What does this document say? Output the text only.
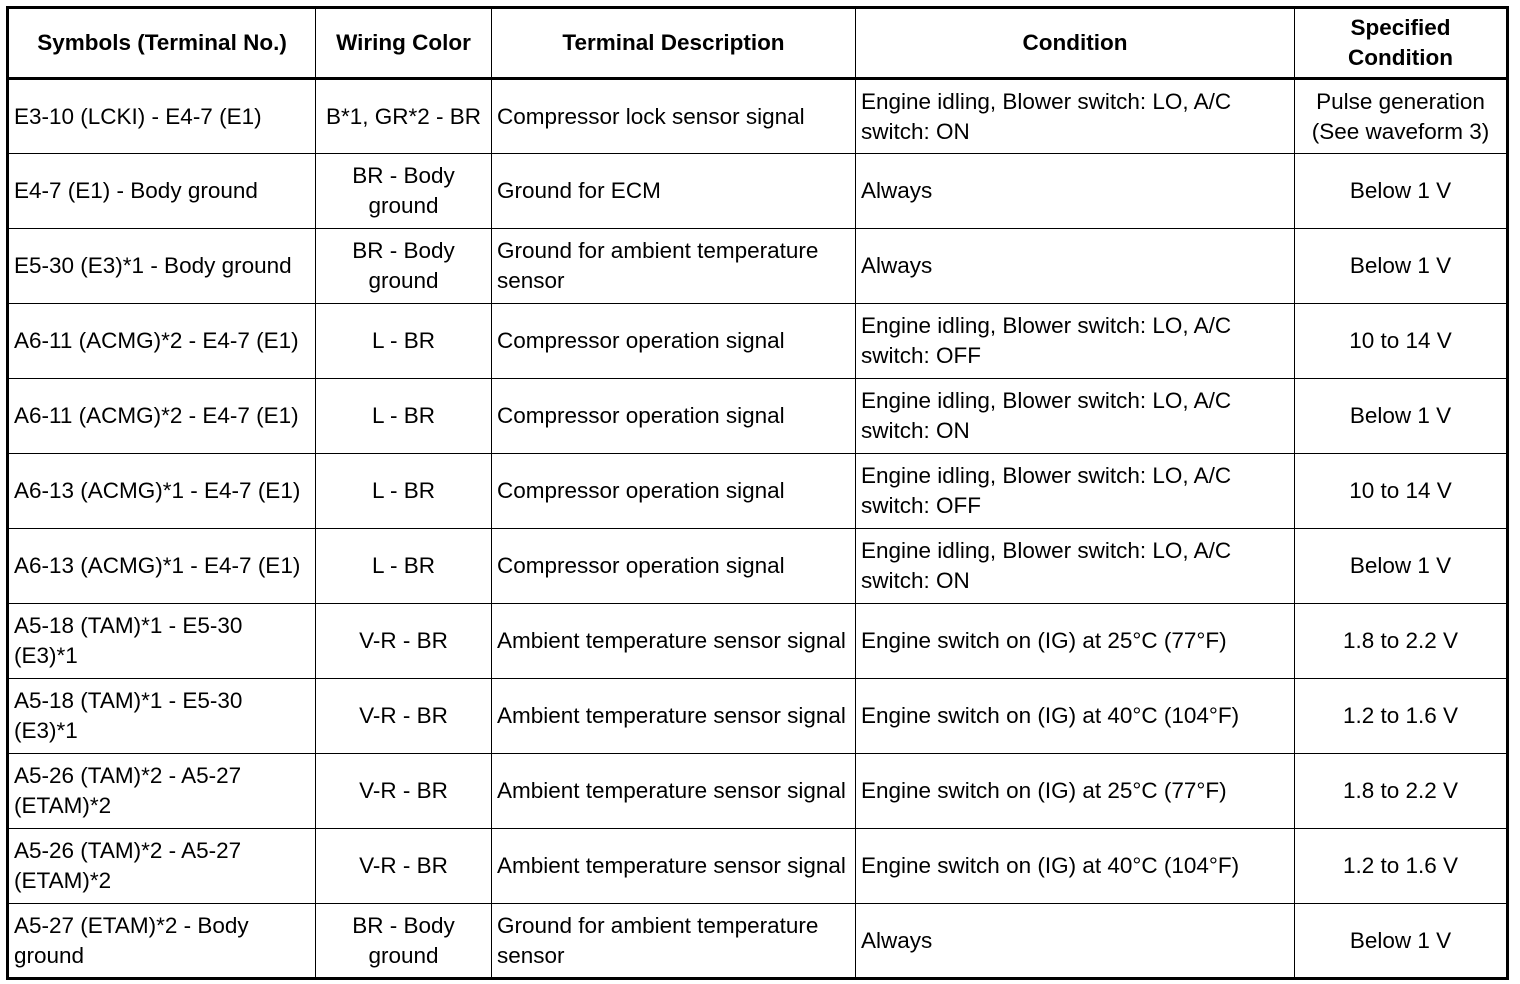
Symbols (Terminal No.)	Wiring Color	Terminal Description	Condition	Specified Condition
E3-10 (LCKI) - E4-7 (E1)	B*1, GR*2 - BR	Compressor lock sensor signal	Engine idling, Blower switch: LO, A/C switch: ON	Pulse generation (See waveform 3)
E4-7 (E1) - Body ground	BR - Body ground	Ground for ECM	Always	Below 1 V
E5-30 (E3)*1 - Body ground	BR - Body ground	Ground for ambient temperature sensor	Always	Below 1 V
A6-11 (ACMG)*2 - E4-7 (E1)	L - BR	Compressor operation signal	Engine idling, Blower switch: LO, A/C switch: OFF	10 to 14 V
A6-11 (ACMG)*2 - E4-7 (E1)	L - BR	Compressor operation signal	Engine idling, Blower switch: LO, A/C switch: ON	Below 1 V
A6-13 (ACMG)*1 - E4-7 (E1)	L - BR	Compressor operation signal	Engine idling, Blower switch: LO, A/C switch: OFF	10 to 14 V
A6-13 (ACMG)*1 - E4-7 (E1)	L - BR	Compressor operation signal	Engine idling, Blower switch: LO, A/C switch: ON	Below 1 V
A5-18 (TAM)*1 - E5-30 (E3)*1	V-R - BR	Ambient temperature sensor signal	Engine switch on (IG) at 25°C (77°F)	1.8 to 2.2 V
A5-18 (TAM)*1 - E5-30 (E3)*1	V-R - BR	Ambient temperature sensor signal	Engine switch on (IG) at 40°C (104°F)	1.2 to 1.6 V
A5-26 (TAM)*2 - A5-27 (ETAM)*2	V-R - BR	Ambient temperature sensor signal	Engine switch on (IG) at 25°C (77°F)	1.8 to 2.2 V
A5-26 (TAM)*2 - A5-27 (ETAM)*2	V-R - BR	Ambient temperature sensor signal	Engine switch on (IG) at 40°C (104°F)	1.2 to 1.6 V
A5-27 (ETAM)*2 - Body ground	BR - Body ground	Ground for ambient temperature sensor	Always	Below 1 V
